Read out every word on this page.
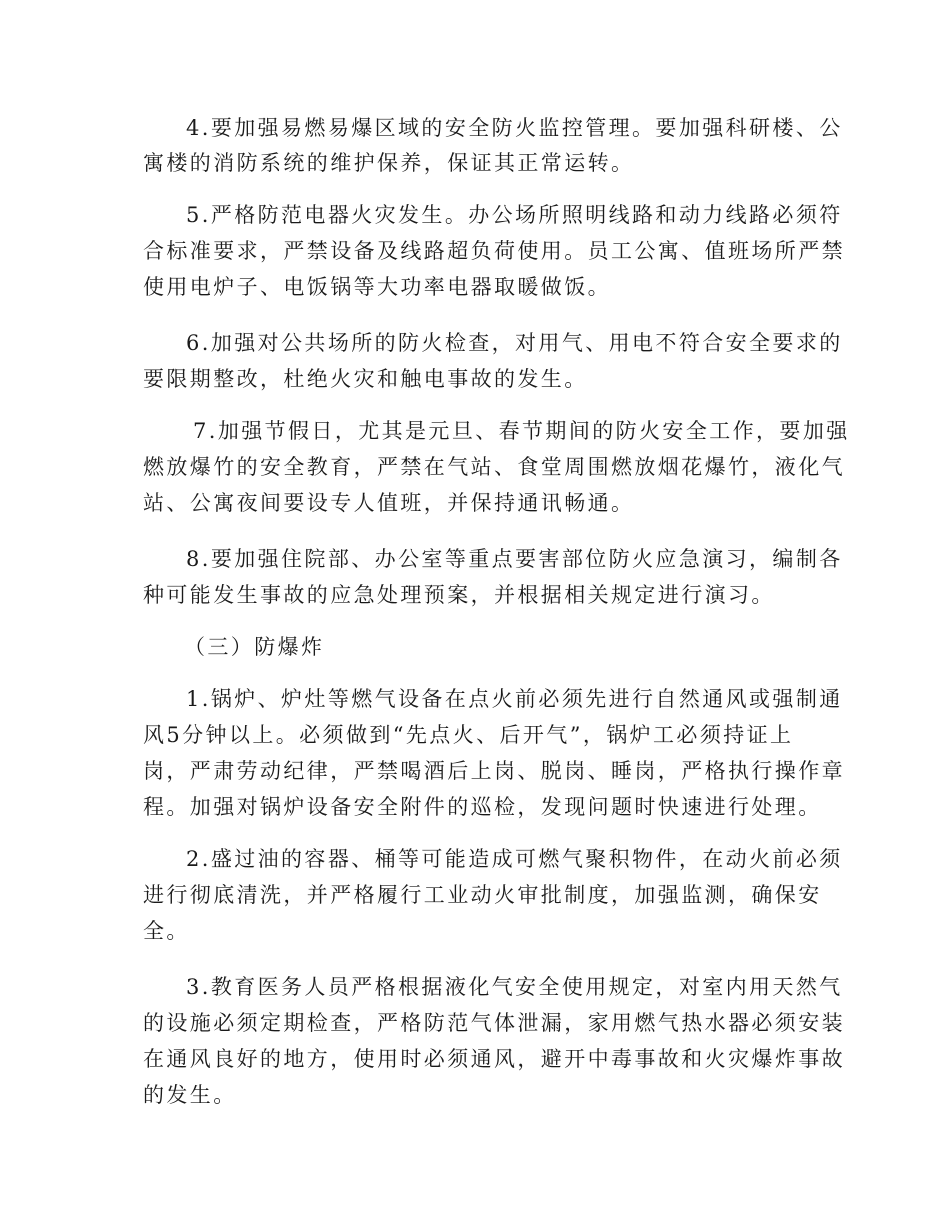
4.要加强易燃易爆区域的安全防火监控管理。要加强科研楼、公

寓楼的消防系统的维护保养，保证其正常运转。

5.严格防范电器火灾发生。办公场所照明线路和动力线路必须符

合标准要求，严禁设备及线路超负荷使用。员工公寓、值班场所严禁

使用电炉子、电饭锅等大功率电器取暖做饭。

6.加强对公共场所的防火检查，对用气、用电不符合安全要求的

要限期整改，杜绝火灾和触电事故的发生。

7.加强节假日，尤其是元旦、春节期间的防火安全工作，要加强

燃放爆竹的安全教育，严禁在气站、食堂周围燃放烟花爆竹，液化气

站、公寓夜间要设专人值班，并保持通讯畅通。

8.要加强住院部、办公室等重点要害部位防火应急演习，编制各

种可能发生事故的应急处理预案，并根据相关规定进行演习。

（三）防爆炸

1.锅炉、炉灶等燃气设备在点火前必须先进行自然通风或强制通

风5分钟以上。必须做到“先点火、后开气”，锅炉工必须持证上

岗，严肃劳动纪律，严禁喝酒后上岗、脱岗、睡岗，严格执行操作章

程。加强对锅炉设备安全附件的巡检，发现问题时快速进行处理。

2.盛过油的容器、桶等可能造成可燃气聚积物件，在动火前必须

进行彻底清洗，并严格履行工业动火审批制度，加强监测，确保安

全。

3.教育医务人员严格根据液化气安全使用规定，对室内用天然气

的设施必须定期检查，严格防范气体泄漏，家用燃气热水器必须安装

在通风良好的地方，使用时必须通风，避开中毒事故和火灾爆炸事故

的发生。
